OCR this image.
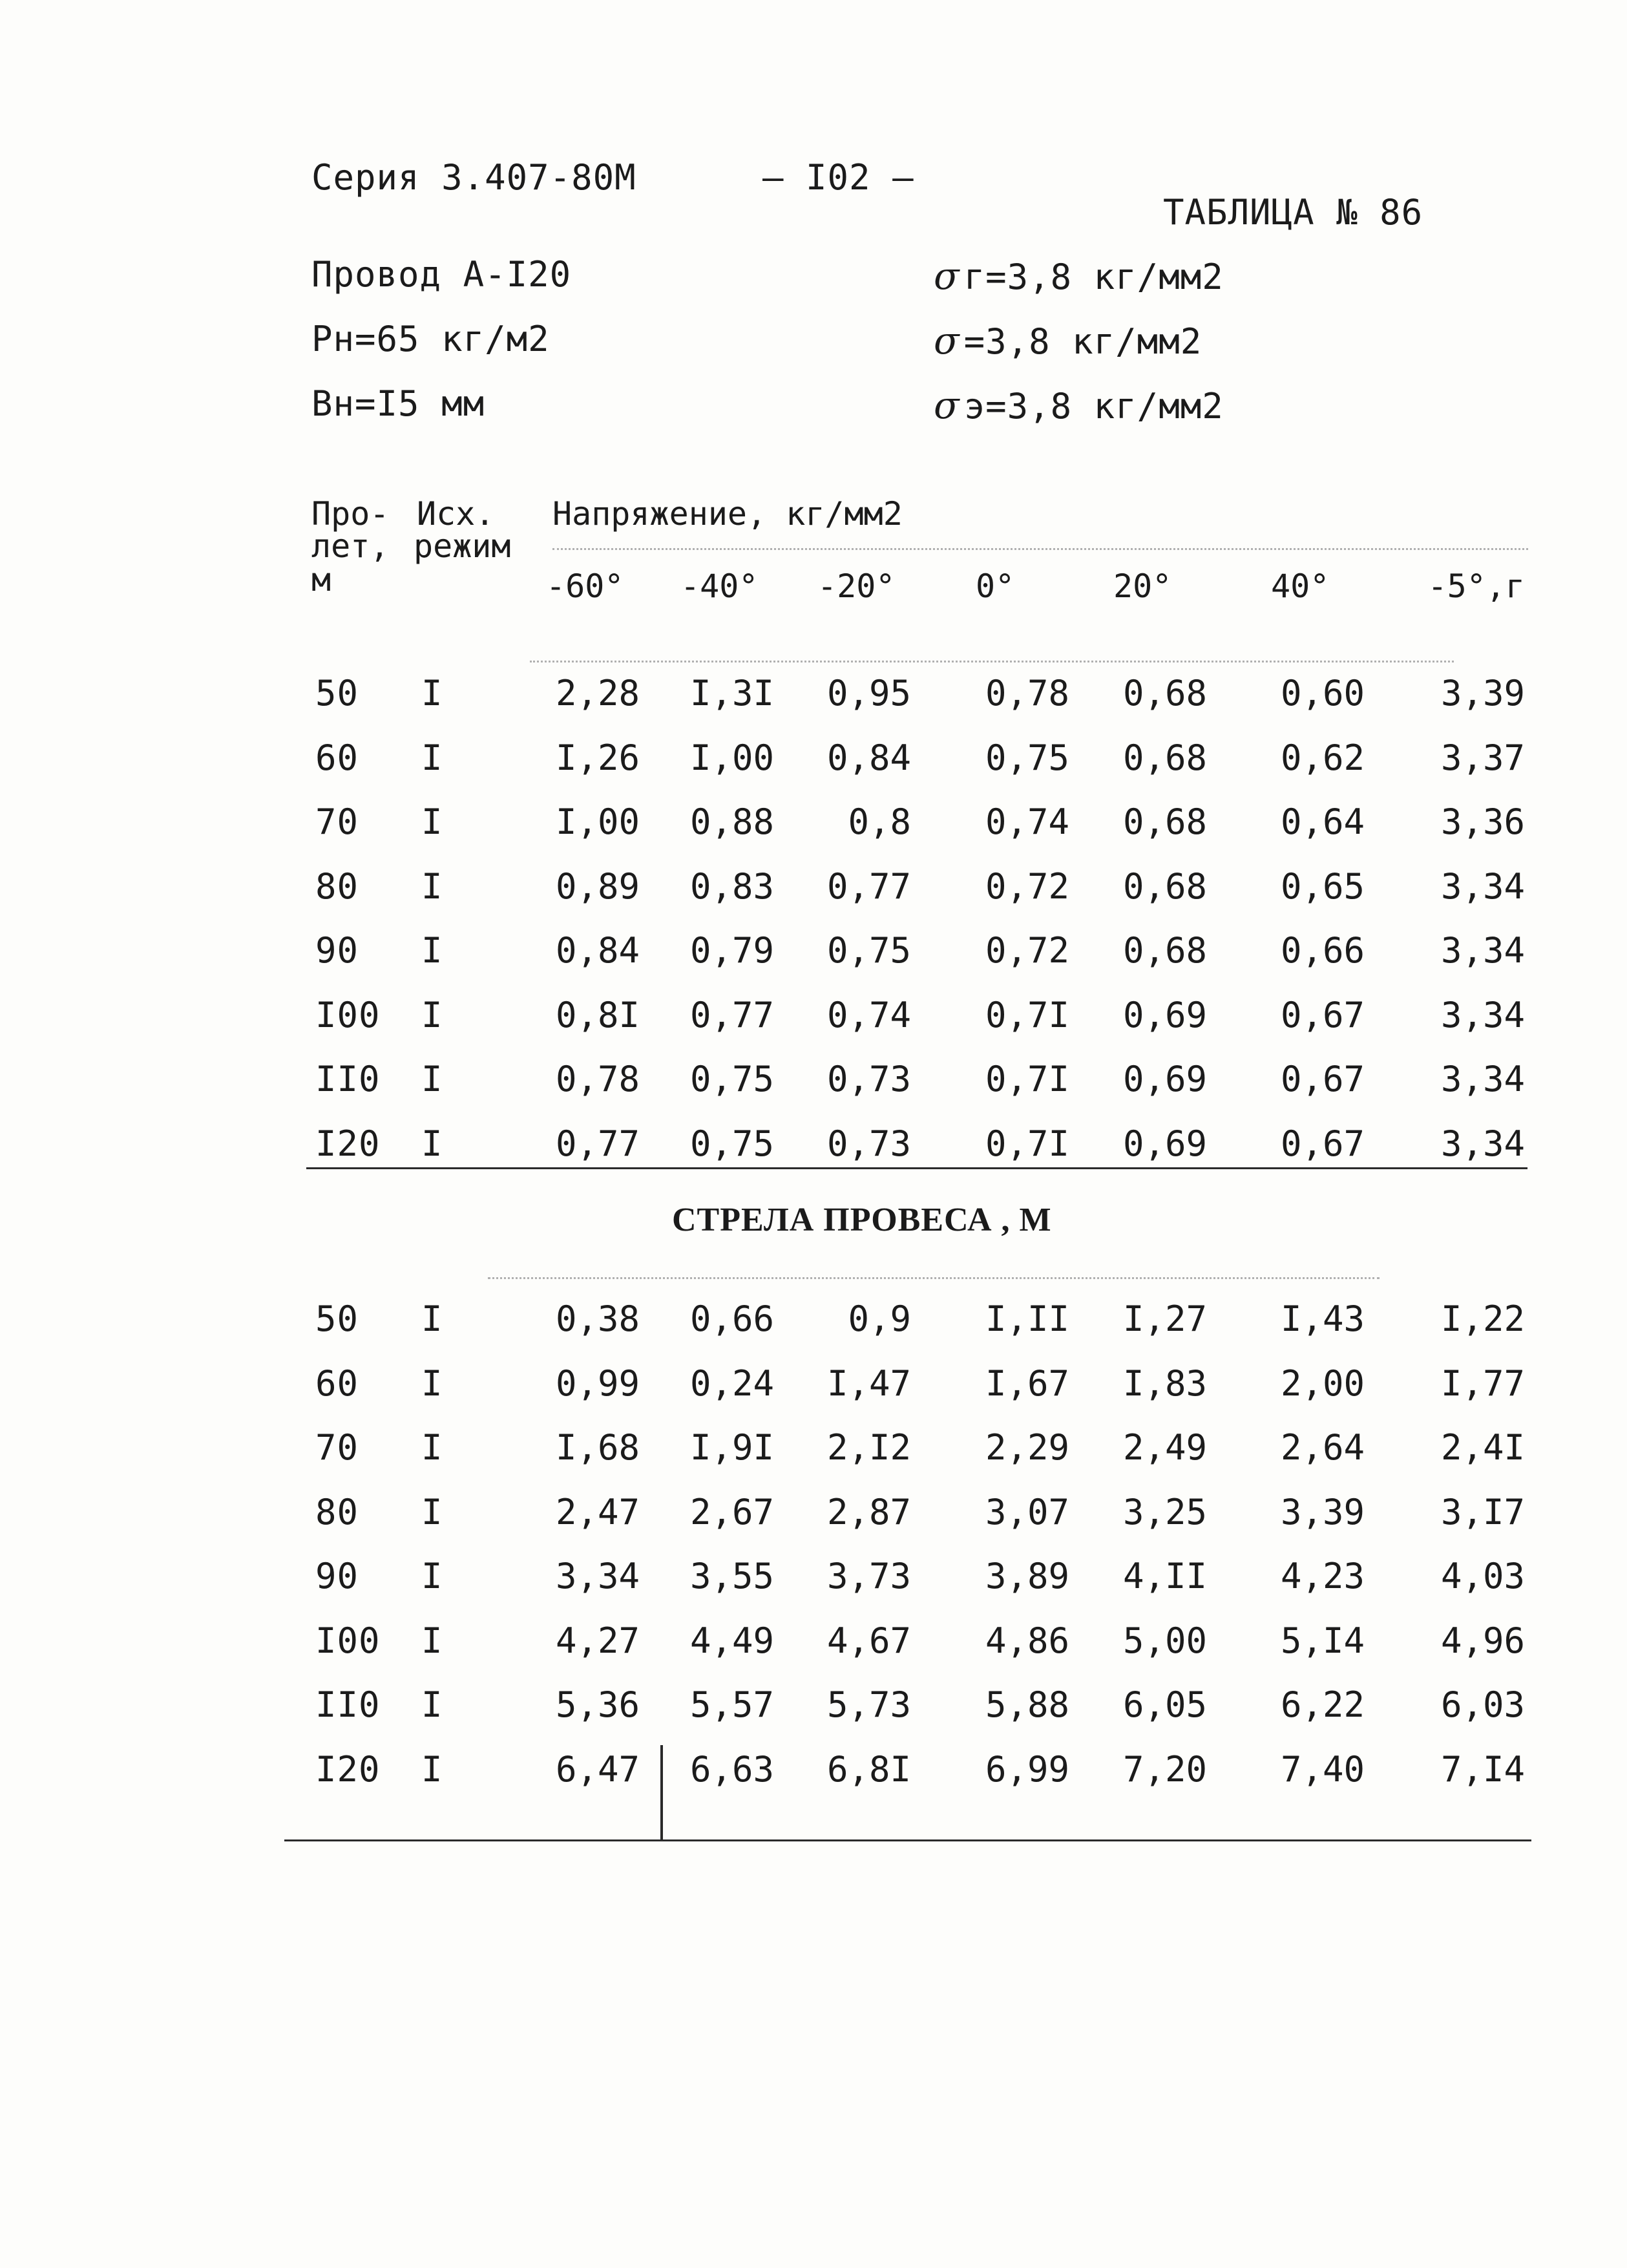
Серия 3.407-80М	– I02 –
ТАБЛИЦА № 86
Провод А-I20
Рн=65 кг/м2
Вн=I5 мм
σ г=3,8 кг/мм2
σ =3,8 кг/мм2
σ э=3,8 кг/мм2
Про-
лет,
м
Исх.
режим
Напряжение, кг/мм2
-60°	-40°	-20°	0°	20°	40°	-5°,г
50 I	2,28	I,3I	0,95	0,78	0,68	0,60	3,39
60 I	I,26	I,00	0,84	0,75	0,68	0,62	3,37
70 I	I,00	0,88	0,8	0,74	0,68	0,64	3,36
80 I	0,89	0,83	0,77	0,72	0,68	0,65	3,34
90 I	0,84	0,79	0,75	0,72	0,68	0,66	3,34
I00 I	0,8I	0,77	0,74	0,7I	0,69	0,67	3,34
II0 I	0,78	0,75	0,73	0,7I	0,69	0,67	3,34
I20 I	0,77	0,75	0,73	0,7I	0,69	0,67	3,34
СТРЕЛА ПРОВЕСА , М
50 I	0,38	0,66	0,9	I,II	I,27	I,43	I,22
60 I	0,99	0,24	I,47	I,67	I,83	2,00	I,77
70 I	I,68	I,9I	2,I2	2,29	2,49	2,64	2,4I
80 I	2,47	2,67	2,87	3,07	3,25	3,39	3,I7
90 I	3,34	3,55	3,73	3,89	4,II	4,23	4,03
I00 I	4,27	4,49	4,67	4,86	5,00	5,I4	4,96
II0 I	5,36	5,57	5,73	5,88	6,05	6,22	6,03
I20 I	6,47	6,63	6,8I	6,99	7,20	7,40	7,I4
